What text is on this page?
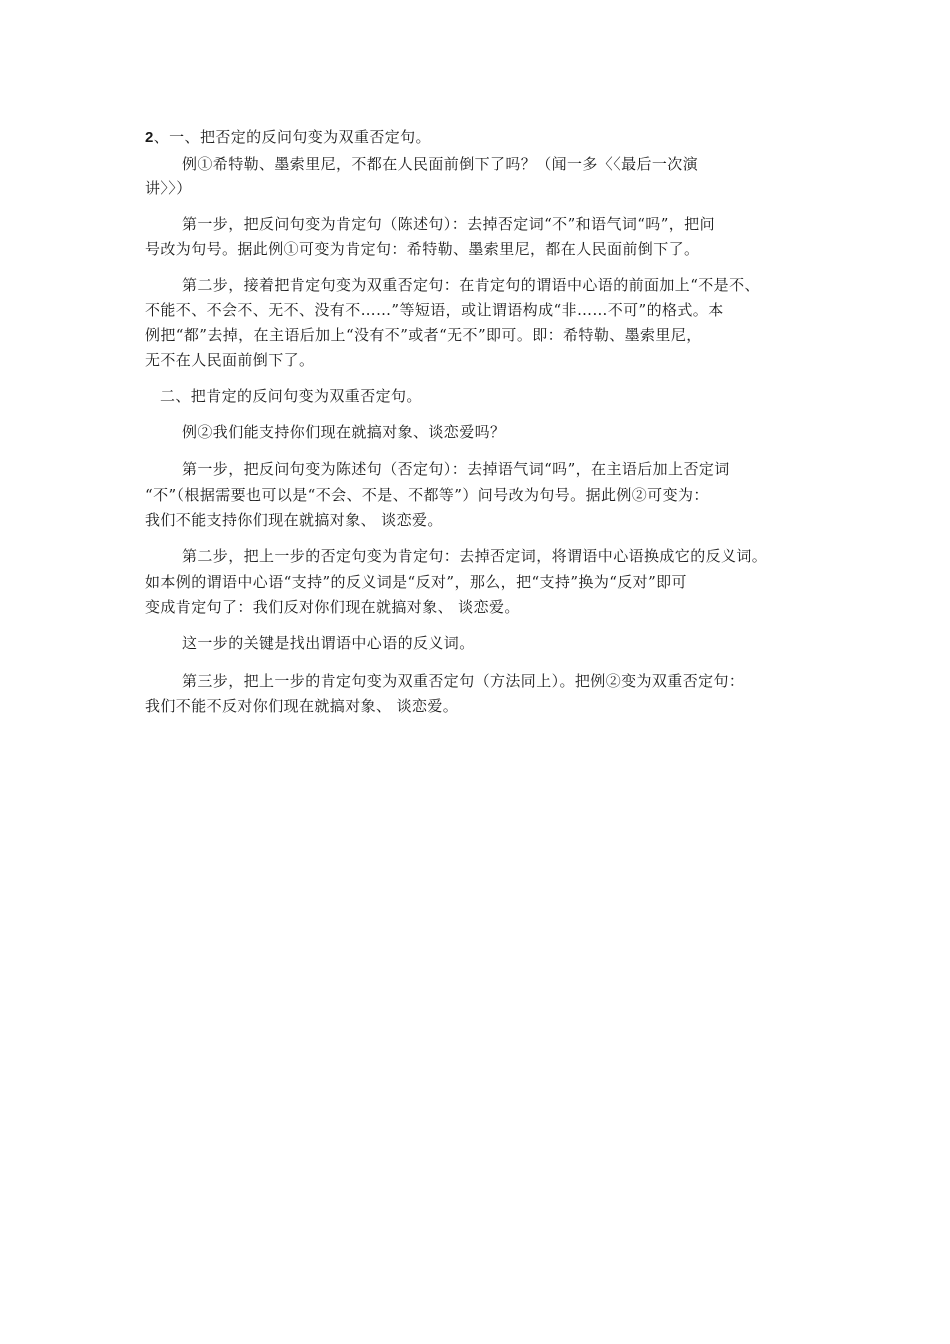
2、一、把否定的反问句变为双重否定句。
例①希特勒、墨索里尼，不都在人民面前倒下了吗？（闻一多〈〈最后一次演
讲〉〉）
第一步，把反问句变为肯定句（陈述句）：去掉否定词“不”和语气词“吗”，把问
号改为句号。据此例①可变为肯定句：希特勒、墨索里尼，都在人民面前倒下了。
第二步，接着把肯定句变为双重否定句：在肯定句的谓语中心语的前面加上“不是不、
不能不、不会不、无不、没有不……”等短语，或让谓语构成“非……不可”的格式。本
例把“都”去掉，在主语后加上“没有不”或者“无不”即可。即：希特勒、墨索里尼，
无不在人民面前倒下了。
二、把肯定的反问句变为双重否定句。
例②我们能支持你们现在就搞对象、谈恋爱吗？
第一步，把反问句变为陈述句（否定句）：去掉语气词“吗”，在主语后加上否定词
“不”（根据需要也可以是“不会、不是、不都等”）问号改为句号。据此例②可变为：
我们不能支持你们现在就搞对象、 谈恋爱。
第二步，把上一步的否定句变为肯定句：去掉否定词，将谓语中心语换成它的反义词。
如本例的谓语中心语“支持”的反义词是“反对”，那么，把“支持”换为“反对”即可
变成肯定句了：我们反对你们现在就搞对象、 谈恋爱。
这一步的关键是找出谓语中心语的反义词。
第三步，把上一步的肯定句变为双重否定句（方法同上）。把例②变为双重否定句：
我们不能不反对你们现在就搞对象、 谈恋爱。
